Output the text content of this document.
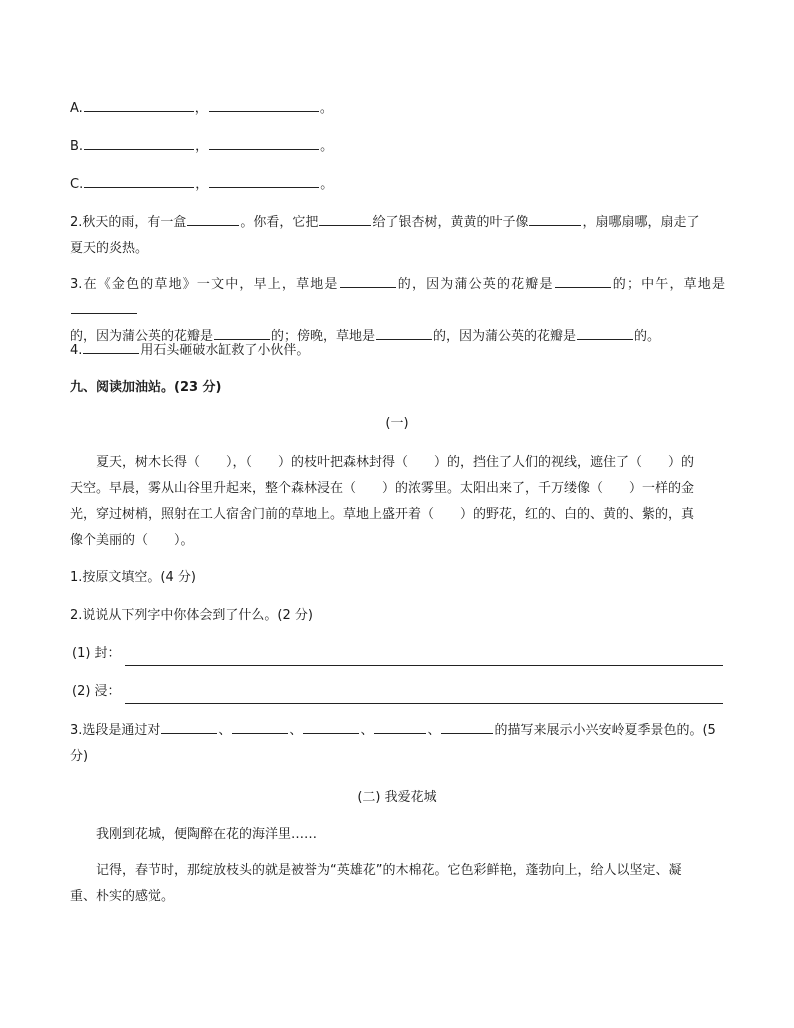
A.	，	。
B.	，	。
C.	，	。
2.秋天的雨，有一盒	。你看，它把	给了银杏树，黄黄的叶子像	，扇哪扇哪，扇走了
夏天的炎热。
3.在《金色的草地》一文中，早上，草地是	的，因为蒲公英的花瓣是	的；中午，草地是
的，因为蒲公英的花瓣是	的；傍晚，草地是	的，因为蒲公英的花瓣是	的。
4.	用石头砸破水缸救了小伙伴。
九、阅读加油站。(23 分)
(一)
夏天，树木长得（　　），（　　）的枝叶把森林封得（　　）的，挡住了人们的视线，遮住了（　　）的
天空。早晨，雾从山谷里升起来，整个森林浸在（　　）的浓雾里。太阳出来了，千万缕像（　　）一样的金
光，穿过树梢，照射在工人宿舍门前的草地上。草地上盛开着（　　）的野花，红的、白的、黄的、紫的，真
像个美丽的（　　）。
1.按原文填空。(4 分)
2.说说从下列字中你体会到了什么。(2 分)
(1) 封：
(2) 浸：
3.选段是通过对	、	、	、	、	的描写来展示小兴安岭夏季景色的。(5
分)
(二) 我爱花城
我刚到花城，便陶醉在花的海洋里……
记得，春节时，那绽放枝头的就是被誉为“英雄花”的木棉花。它色彩鲜艳，蓬勃向上，给人以坚定、凝
重、朴实的感觉。
